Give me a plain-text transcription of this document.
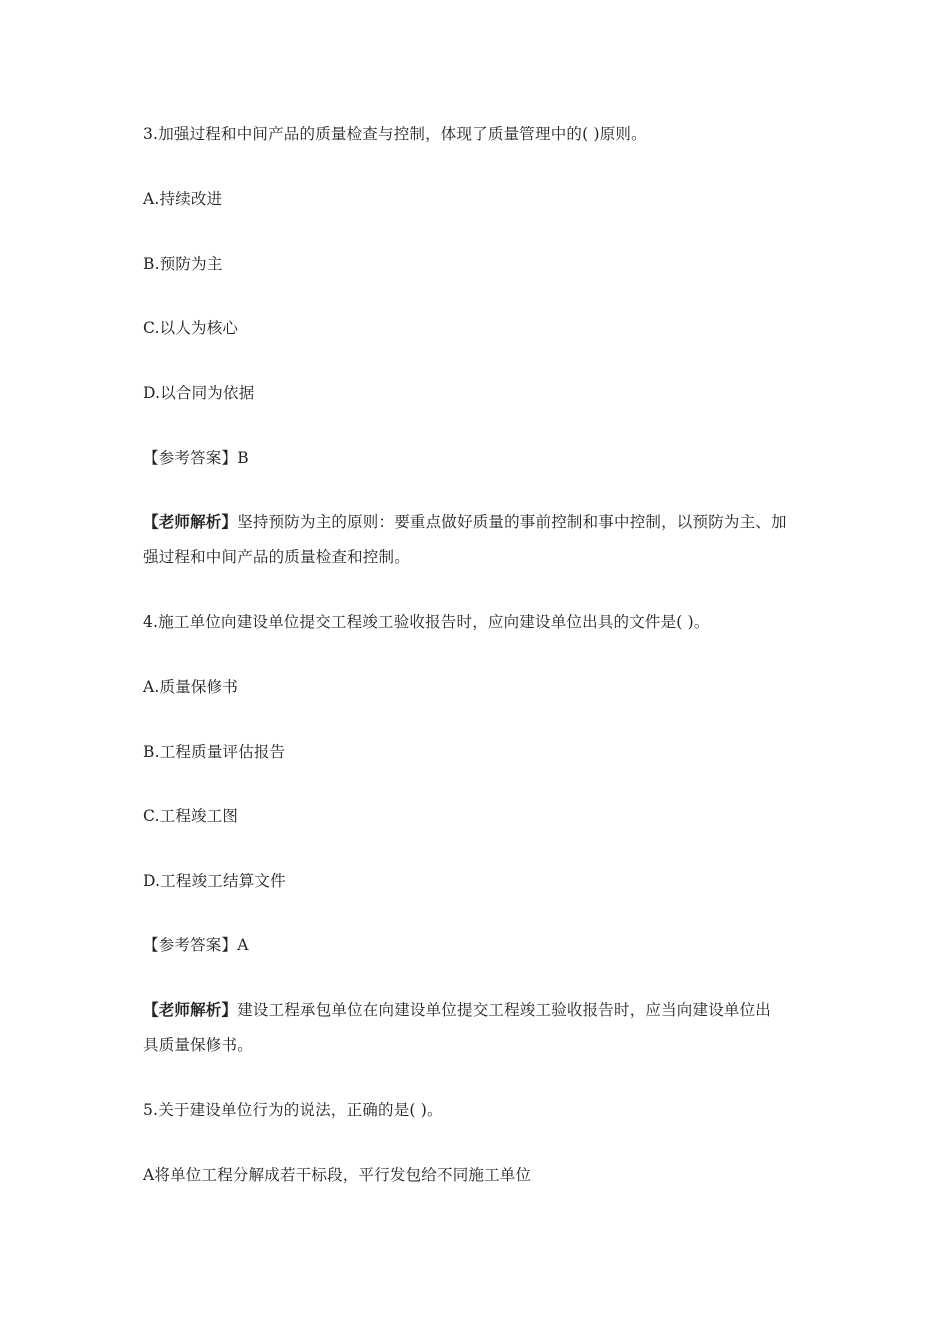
3.加强过程和中间产品的质量检查与控制，体现了质量管理中的( )原则。
A.持续改进
B.预防为主
C.以人为核心
D.以合同为依据
【参考答案】B
【老师解析】坚持预防为主的原则：要重点做好质量的事前控制和事中控制，以预防为主、加
强过程和中间产品的质量检查和控制。
4.施工单位向建设单位提交工程竣工验收报告时，应向建设单位出具的文件是( )。
A.质量保修书
B.工程质量评估报告
C.工程竣工图
D.工程竣工结算文件
【参考答案】A
【老师解析】建设工程承包单位在向建设单位提交工程竣工验收报告时，应当向建设单位出
具质量保修书。
5.关于建设单位行为的说法，正确的是( )。
A将单位工程分解成若干标段，平行发包给不同施工单位
